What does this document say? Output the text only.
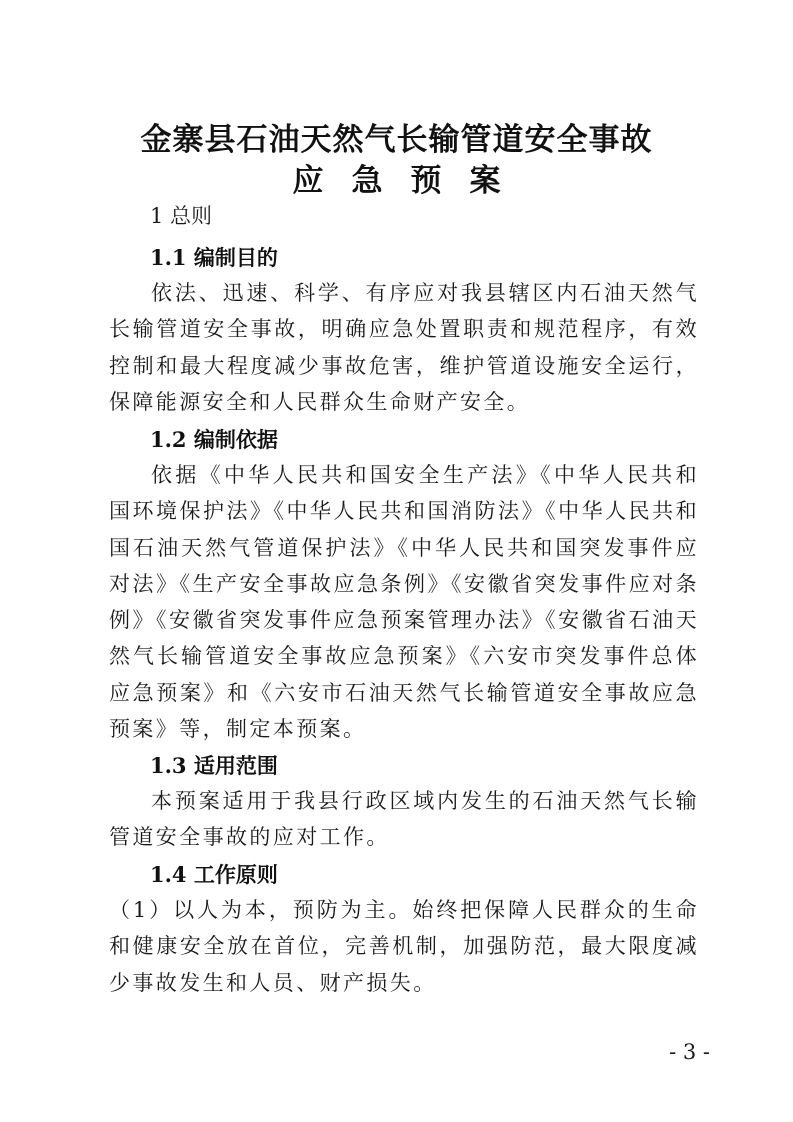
金寨县石油天然气长输管道安全事故
应急预案
1 总则
1.1 编制目的
依法、迅速、科学、有序应对我县辖区内石油天然气长输管道安全事故，明确应急处置职责和规范程序，有效控制和最大程度减少事故危害，维护管道设施安全运行，保障能源安全和人民群众生命财产安全。
1.2 编制依据
依据《中华人民共和国安全生产法》《中华人民共和国环境保护法》《中华人民共和国消防法》《中华人民共和国石油天然气管道保护法》《中华人民共和国突发事件应对法》《生产安全事故应急条例》《安徽省突发事件应对条例》《安徽省突发事件应急预案管理办法》《安徽省石油天然气长输管道安全事故应急预案》《六安市突发事件总体应急预案》和《六安市石油天然气长输管道安全事故应急预案》等，制定本预案。
1.3 适用范围
本预案适用于我县行政区域内发生的石油天然气长输管道安全事故的应对工作。
1.4 工作原则
（1）以人为本，预防为主。始终把保障人民群众的生命和健康安全放在首位，完善机制，加强防范，最大限度减少事故发生和人员、财产损失。
- 3 -
